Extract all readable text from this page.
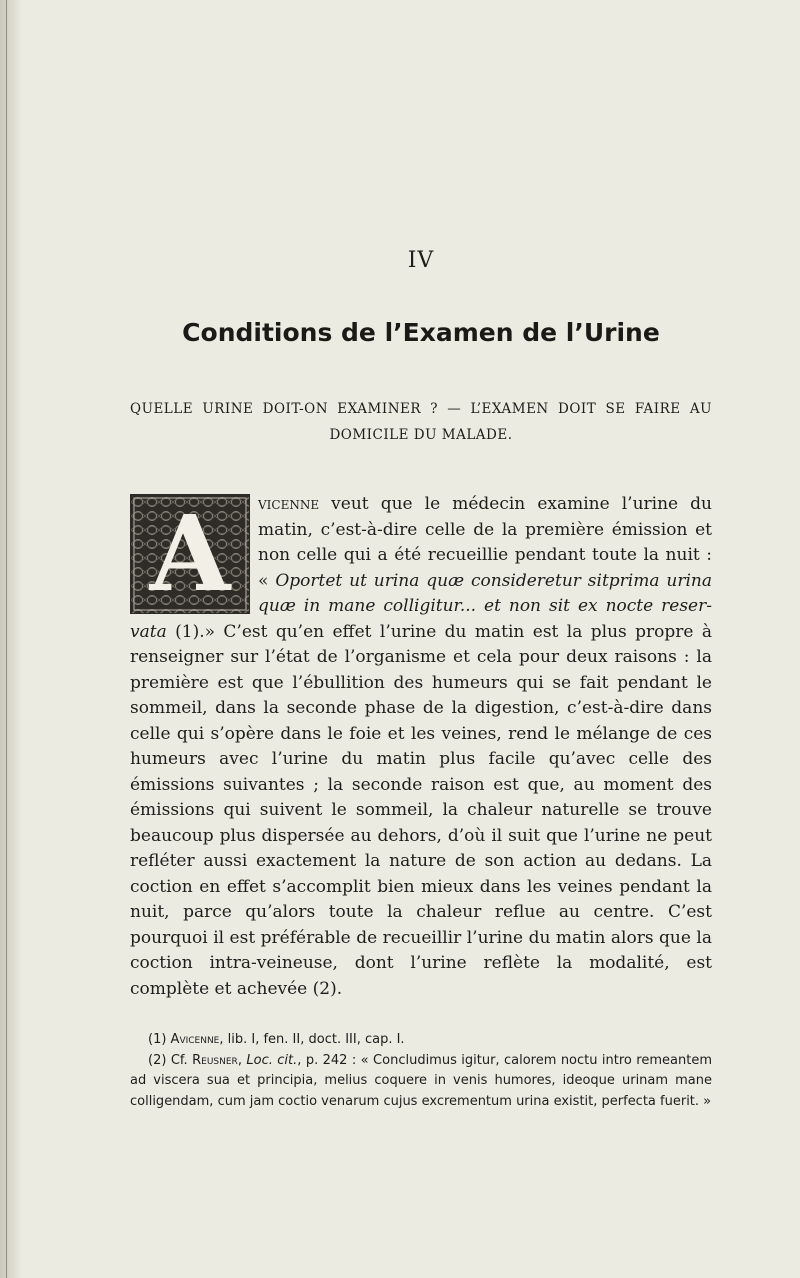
IV
Conditions de l’Examen de l’Urine
QUELLE URINE DOIT-ON EXAMINER ? — L’EXAMEN DOIT SE FAIRE AU DOMICILE DU MALADE.
A	vicenne veut que le médecin examine l’urine du matin, c’est-à-dire celle de la première émission et non celle qui a été recueillie pendant toute la nuit : « Oportet ut urina quæ consideretur sitprima urina quæ in mane colligitur... et non sit ex nocte reser-vata (1).» C’est qu’en effet l’urine du matin est la plus propre à renseigner sur l’état de l’organisme et cela pour deux raisons : la première est que l’ébullition des humeurs qui se fait pendant le sommeil, dans la seconde phase de la digestion, c’est-à-dire dans celle qui s’opère dans le foie et les veines, rend le mélange de ces humeurs avec l’urine du matin plus facile qu’avec celle des émissions suivantes ; la seconde raison est que, au moment des émissions qui suivent le sommeil, la chaleur naturelle se trouve beaucoup plus dispersée au dehors, d’où il suit que l’urine ne peut refléter aussi exactement la nature de son action au dedans. La coction en effet s’accomplit bien mieux dans les veines pendant la nuit, parce qu’alors toute la chaleur reflue au centre. C’est pourquoi il est préférable de recueillir l’urine du matin alors que la coction intra-veineuse, dont l’urine reflète la modalité, est complète et achevée (2).

(1) Avicenne, lib. I, fen. II, doct. III, cap. I.

(2) Cf. Reusner, Loc. cit., p. 242 : « Concludimus igitur, calorem noctu intro remeantem ad viscera sua et principia, melius coquere in venis humores, ideoque urinam mane colligendam, cum jam coctio venarum cujus excrementum urina existit, perfecta fuerit. »
